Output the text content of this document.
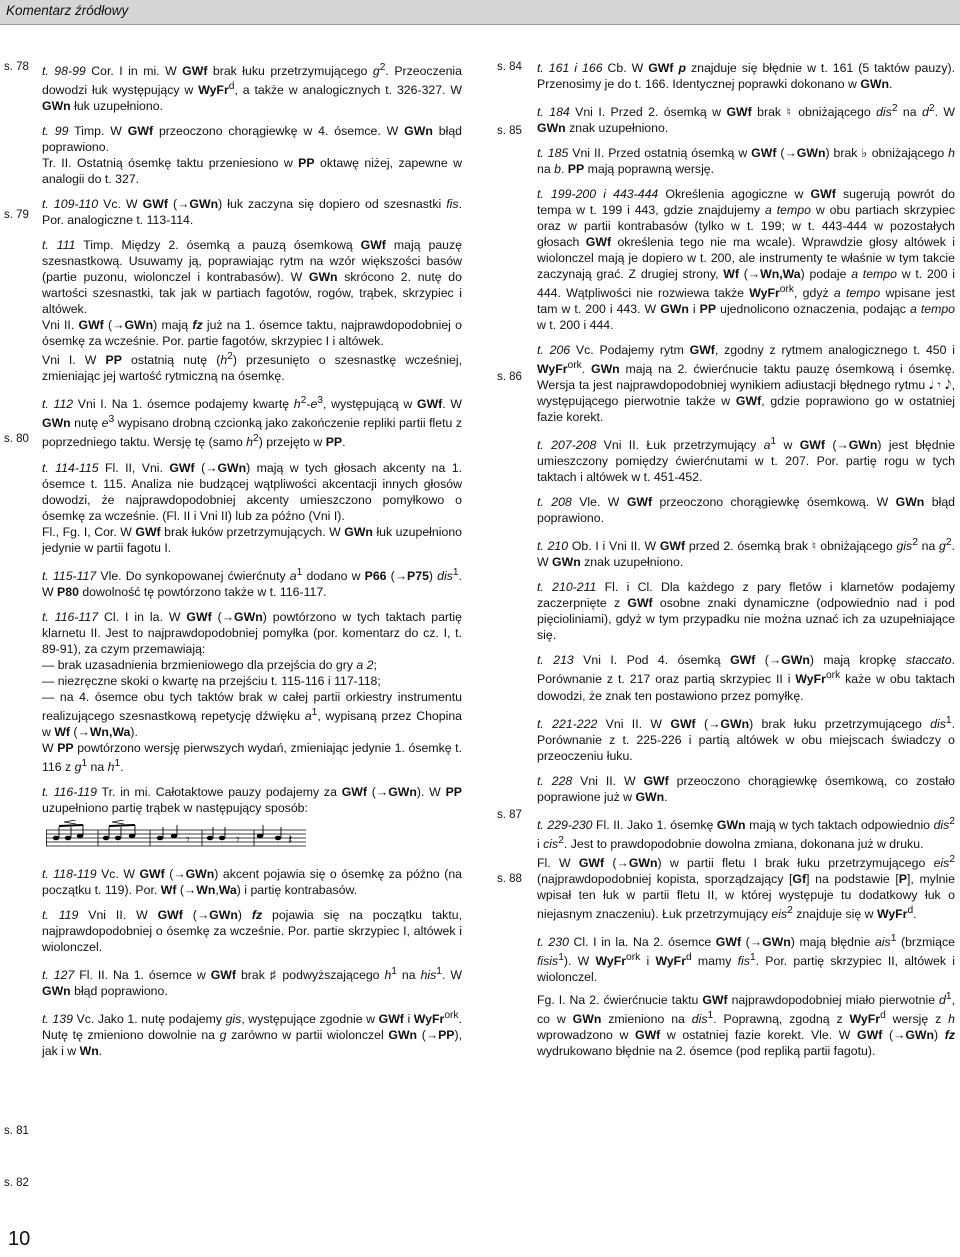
Komentarz źródłowy
s. 78
s. 79
s. 80
s. 81
s. 82
s. 84
s. 85
s. 86
s. 87
s. 88

t. 98-99 Cor. I in mi. W GWf brak łuku przetrzymującego $g^2$. Przeoczenia dowodzi łuk występujący w WyFr$^d$, a także w analogicznych t. 326-327. W GWn łuk uzupełniono.

t. 99 Timp. W GWf przeoczono chorągiewkę w 4. ósemce. W GWn błąd poprawiono.

Tr. II. Ostatnią ósemkę taktu przeniesiono w PP oktawę niżej, zapewne w analogii do t. 327.

t. 109-110 Vc. W GWf (→GWn) łuk zaczyna się dopiero od szesnastki fis. Por. analogiczne t. 113-114.

t. 111 Timp. Między 2. ósemką a pauzą ósemkową GWf mają pauzę szesnastkową. Usuwamy ją, poprawiając rytm na wzór większości basów (partie puzonu, wiolonczel i kontrabasów). W GWn skrócono 2. nutę do wartości szesnastki, tak jak w partiach fagotów, rogów, trąbek, skrzypiec i altówek.

Vni II. GWf (→GWn) mają fz już na 1. ósemce taktu, najprawdopodobniej o ósemkę za wcześnie. Por. partie fagotów, skrzypiec I i altówek.

Vni I. W PP ostatnią nutę $(h^2)$ przesunięto o szesnastkę wcześniej, zmieniając jej wartość rytmiczną na ósemkę.

t. 112 Vni I. Na 1. ósemce podajemy kwartę $h^2-e^3$, występującą w GWf. W GWn nutę $e^3$ wypisano drobną czcionką jako zakończenie repliki partii fletu z poprzedniego taktu. Wersję tę (samo $h^2$) przejęto w PP.

t. 114-115 Fl. II, Vni. GWf (→GWn) mają w tych głosach akcenty na 1. ósemce t. 115. Analiza nie budzącej wątpliwości akcentacji innych głosów dowodzi, że najprawdopodobniej akcenty umieszczono pomyłkowo o ósemkę za wcześnie. (Fl. II i Vni II) lub za późno (Vni I).

Fl., Fg. I, Cor. W GWf brak łuków przetrzymujących. W GWn łuk uzupełniono jedynie w partii fagotu I.

t. 115-117 Vle. Do synkopowanej ćwierćnuty $a^1$ dodano w P66 (→P75) dis$^1$. W P80 dowolność tę powtórzono także w t. 116-117.

t. 116-117 Cl. I in la. W GWf (→GWn) powtórzono w tych taktach partię klarnetu II. Jest to najprawdopodobniej pomyłka (por. komentarz do cz. I, t. 89-91), za czym przemawiają:

— brak uzasadnienia brzmieniowego dla przejścia do gry a 2;

— niezręczne skoki o kwartę na przejściu t. 115-116 i 117-118;

— na 4. ósemce obu tych taktów brak w całej partii orkiestry instrumentu realizującego szesnastkową repetycję dźwięku $a^1$, wypisaną przez Chopina w Wf (→Wn,Wa).

W PP powtórzono wersję pierwszych wydań, zmieniając jedynie 1. ósemkę t. 116 z $g^1$ na $h^1$.

t. 116-119 Tr. in mi. Całotaktowe pauzy podajemy za GWf (→GWn). W PP uzupełniono partię trąbek w następujący sposób:

𝄾	𝄾	𝄽

t. 118-119 Vc. W GWf (→GWn) akcent pojawia się o ósemkę za późno (na początku t. 119). Por. Wf (→Wn,Wa) i partię kontrabasów.

t. 119 Vni II. W GWf (→GWn) fz pojawia się na początku taktu, najprawdopodobniej o ósemkę za wcześnie. Por. partie skrzypiec I, altówek i wiolonczel.

t. 127 Fl. II. Na 1. ósemce w GWf brak ♯ podwyższającego $h^1$ na his$^1$. W GWn błąd poprawiono.

t. 139 Vc. Jako 1. nutę podajemy gis, występujące zgodnie w GWf i WyFr$^{ork}$. Nutę tę zmieniono dowolnie na g zarówno w partii wiolonczel GWn (→PP), jak i w Wn.

t. 161 i 166 Cb. W GWf p znajduje się błędnie w t. 161 (5 taktów pauzy). Przenosimy je do t. 166. Identycznej poprawki dokonano w GWn.

t. 184 Vni I. Przed 2. ósemką w GWf brak ♮ obniżającego dis$^2$ na $d^2$. W GWn znak uzupełniono.

t. 185 Vni II. Przed ostatnią ósemką w GWf (→GWn) brak ♭ obniżającego h na b. PP mają poprawną wersję.

t. 199-200 i 443-444 Określenia agogiczne w GWf sugerują powrót do tempa w t. 199 i 443, gdzie znajdujemy a tempo w obu partiach skrzypiec oraz w partii kontrabasów (tylko w t. 199; w t. 443-444 w pozostałych głosach GWf określenia tego nie ma wcale). Wprawdzie głosy altówek i wiolonczel mają je dopiero w t. 200, ale instrumenty te właśnie w tym takcie zaczynają grać. Z drugiej strony, Wf (→Wn,Wa) podaje a tempo w t. 200 i 444. Wątpliwości nie rozwiewa także WyFr$^{ork}$, gdyż a tempo wpisane jest tam w t. 200 i 443. W GWn i PP ujednolicono oznaczenia, podając a tempo w t. 200 i 444.

t. 206 Vc. Podajemy rytm GWf, zgodny z rytmem analogicznego t. 450 i WyFr$^{ork}$. GWn mają na 2. ćwierćnucie taktu pauzę ósemkową i ósemkę. Wersja ta jest najprawdopodobniej wynikiem adiustacji błędnego rytmu 𝅘𝅥 𝄾 𝅘𝅥𝅮, występującego pierwotnie także w GWf, gdzie poprawiono go w ostatniej fazie korekt.

t. 207-208 Vni II. Łuk przetrzymujący $a^1$ w GWf (→GWn) jest błędnie umieszczony pomiędzy ćwierćnutami w t. 207. Por. partię rogu w tych taktach i altówek w t. 451-452.

t. 208 Vle. W GWf przeoczono chorągiewkę ósemkową. W GWn błąd poprawiono.

t. 210 Ob. I i Vni II. W GWf przed 2. ósemką brak ♮ obniżającego gis$^2$ na $g^2$. W GWn znak uzupełniono.

t. 210-211 Fl. i Cl. Dla każdego z pary fletów i klarnetów podajemy zaczerpnięte z GWf osobne znaki dynamiczne (odpowiednio nad i pod pięcioliniami), gdyż w tym przypadku nie można uznać ich za uzupełniające się.

t. 213 Vni I. Pod 4. ósemką GWf (→GWn) mają kropkę staccato. Porównanie z t. 217 oraz partią skrzypiec II i WyFr$^{ork}$ każe w obu taktach dowodzi, że znak ten postawiono przez pomyłkę.

t. 221-222 Vni II. W GWf (→GWn) brak łuku przetrzymującego dis$^1$. Porównanie z t. 225-226 i partią altówek w obu miejscach świadczy o przeoczeniu łuku.

t. 228 Vni II. W GWf przeoczono chorągiewkę ósemkową, co zostało poprawione już w GWn.

t. 229-230 Fl. II. Jako 1. ósemkę GWn mają w tych taktach odpowiednio dis$^2$ i cis$^2$. Jest to prawdopodobnie dowolna zmiana, dokonana już w druku.

Fl. W GWf (→GWn) w partii fletu I brak łuku przetrzymującego eis$^2$ (najprawdopodobniej kopista, sporządzający [Gf] na podstawie [P], mylnie wpisał ten łuk w partii fletu II, w której występuje tu dodatkowy łuk o niejasnym znaczeniu). Łuk przetrzymujący eis$^2$ znajduje się w WyFr$^d$.

t. 230 Cl. I in la. Na 2. ósemce GWf (→GWn) mają błędnie ais$^1$ (brzmiące fisis$^1$). W WyFr$^{ork}$ i WyFr$^d$ mamy fis$^1$. Por. partię skrzypiec II, altówek i wiolonczel.

Fg. I. Na 2. ćwierćnucie taktu GWf najprawdopodobniej miało pierwotnie $d^1$, co w GWn zmieniono na dis$^1$. Poprawną, zgodną z WyFr$^d$ wersję z h wprowadzono w GWf w ostatniej fazie korekt. Vle. W GWf (→GWn) fz wydrukowano błędnie na 2. ósemce (pod repliką partii fagotu).

10
